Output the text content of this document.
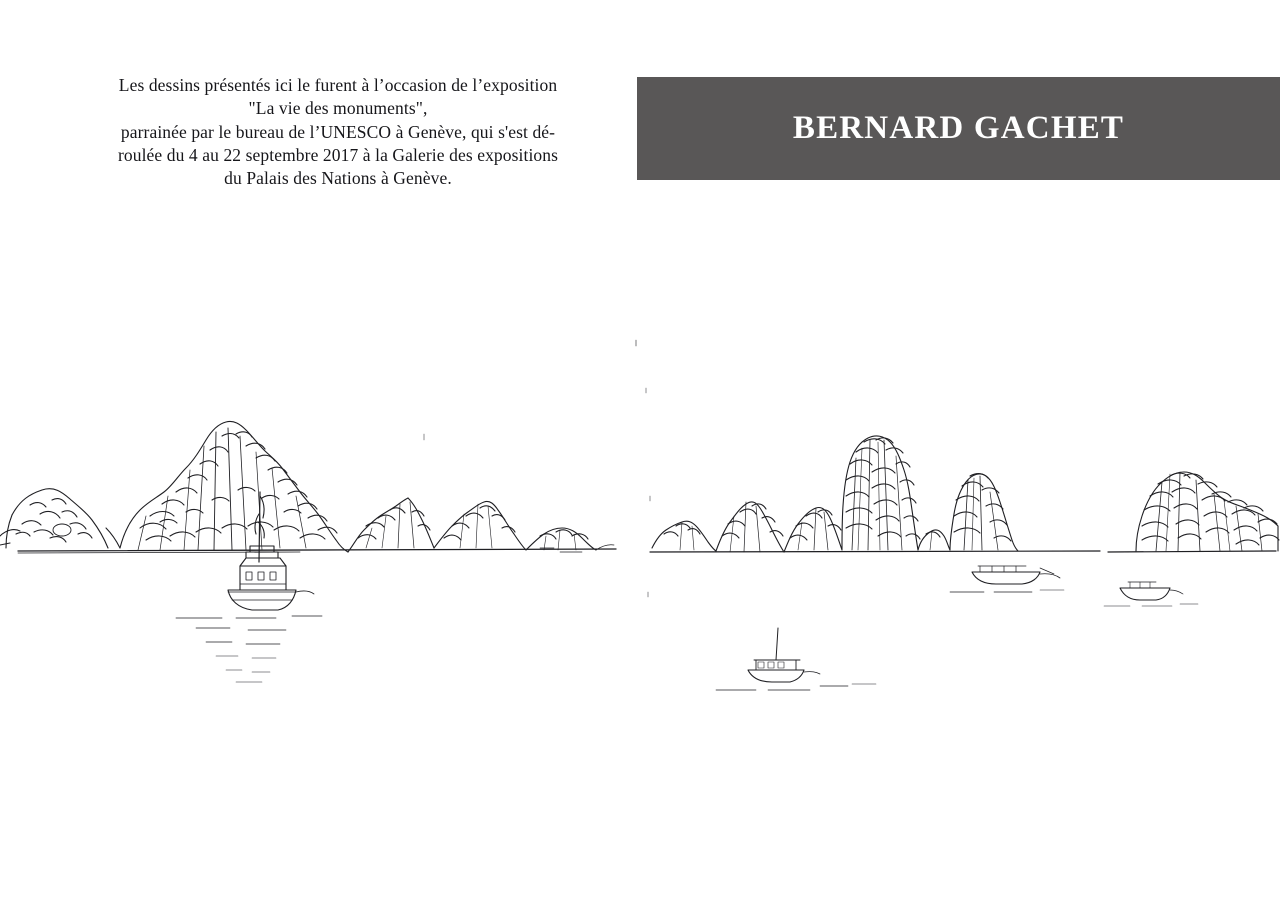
Les dessins présentés ici le furent à l’occasion de l’exposition
"La vie des monuments",
parrainée par le bureau de l’UNESCO à Genève, qui s'est dé-
roulée du 4 au 22 septembre 2017 à la Galerie des expositions
du Palais des Nations à Genève.
BERNARD GACHET
